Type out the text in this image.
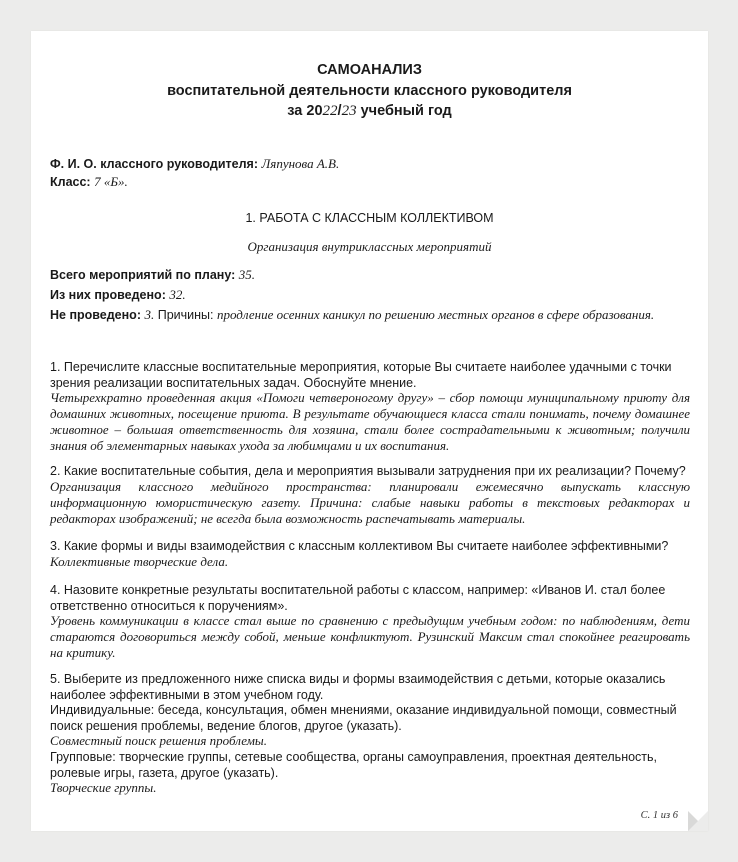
САМОАНАЛИЗ
воспитательной деятельности классного руководителя
за 2022/23 учебный год
Ф. И. О. классного руководителя: Ляпунова А.В.
Класс: 7 «Б».
1. РАБОТА С КЛАССНЫМ КОЛЛЕКТИВОМ
Организация внутриклассных мероприятий
Всего мероприятий по плану: 35.
Из них проведено: 32.
Не проведено: 3. Причины: продление осенних каникул по решению местных органов в сфере образования.
1. Перечислите классные воспитательные мероприятия, которые Вы считаете наиболее удачными с точки зрения реализации воспитательных задач. Обоснуйте мнение.
Четырехкратно проведенная акция «Помоги четвероногому другу» – сбор помощи муниципальному приюту для домашних животных, посещение приюта. В результате обучающиеся класса стали понимать, почему домашнее животное – большая ответственность для хозяина, стали более сострадательными к животным; получили знания об элементарных навыках ухода за любимцами и их воспитания.
2. Какие воспитательные события, дела и мероприятия вызывали затруднения при их реализации? Почему?
Организация классного медийного пространства: планировали ежемесячно выпускать классную информационную юмористическую газету. Причина: слабые навыки работы в текстовых редакторах и редакторах изображений; не всегда была возможность распечатывать материалы.
3. Какие формы и виды взаимодействия с классным коллективом Вы считаете наиболее эффективными?
Коллективные творческие дела.
4. Назовите конкретные результаты воспитательной работы с классом, например: «Иванов И. стал более ответственно относиться к поручениям».
Уровень коммуникации в классе стал выше по сравнению с предыдущим учебным годом: по наблюдениям, дети стараются договориться между собой, меньше конфликтуют. Рузинский Максим стал спокойнее реагировать на критику.
5. Выберите из предложенного ниже списка виды и формы взаимодействия с детьми, которые оказались наиболее эффективными в этом учебном году.
Индивидуальные: беседа, консультация, обмен мнениями, оказание индивидуальной помощи, совместный поиск решения проблемы, ведение блогов, другое (указать).
Совместный поиск решения проблемы.
Групповые: творческие группы, сетевые сообщества, органы самоуправления, проектная деятельность, ролевые игры, газета, другое (указать).
Творческие группы.
С. 1 из 6
